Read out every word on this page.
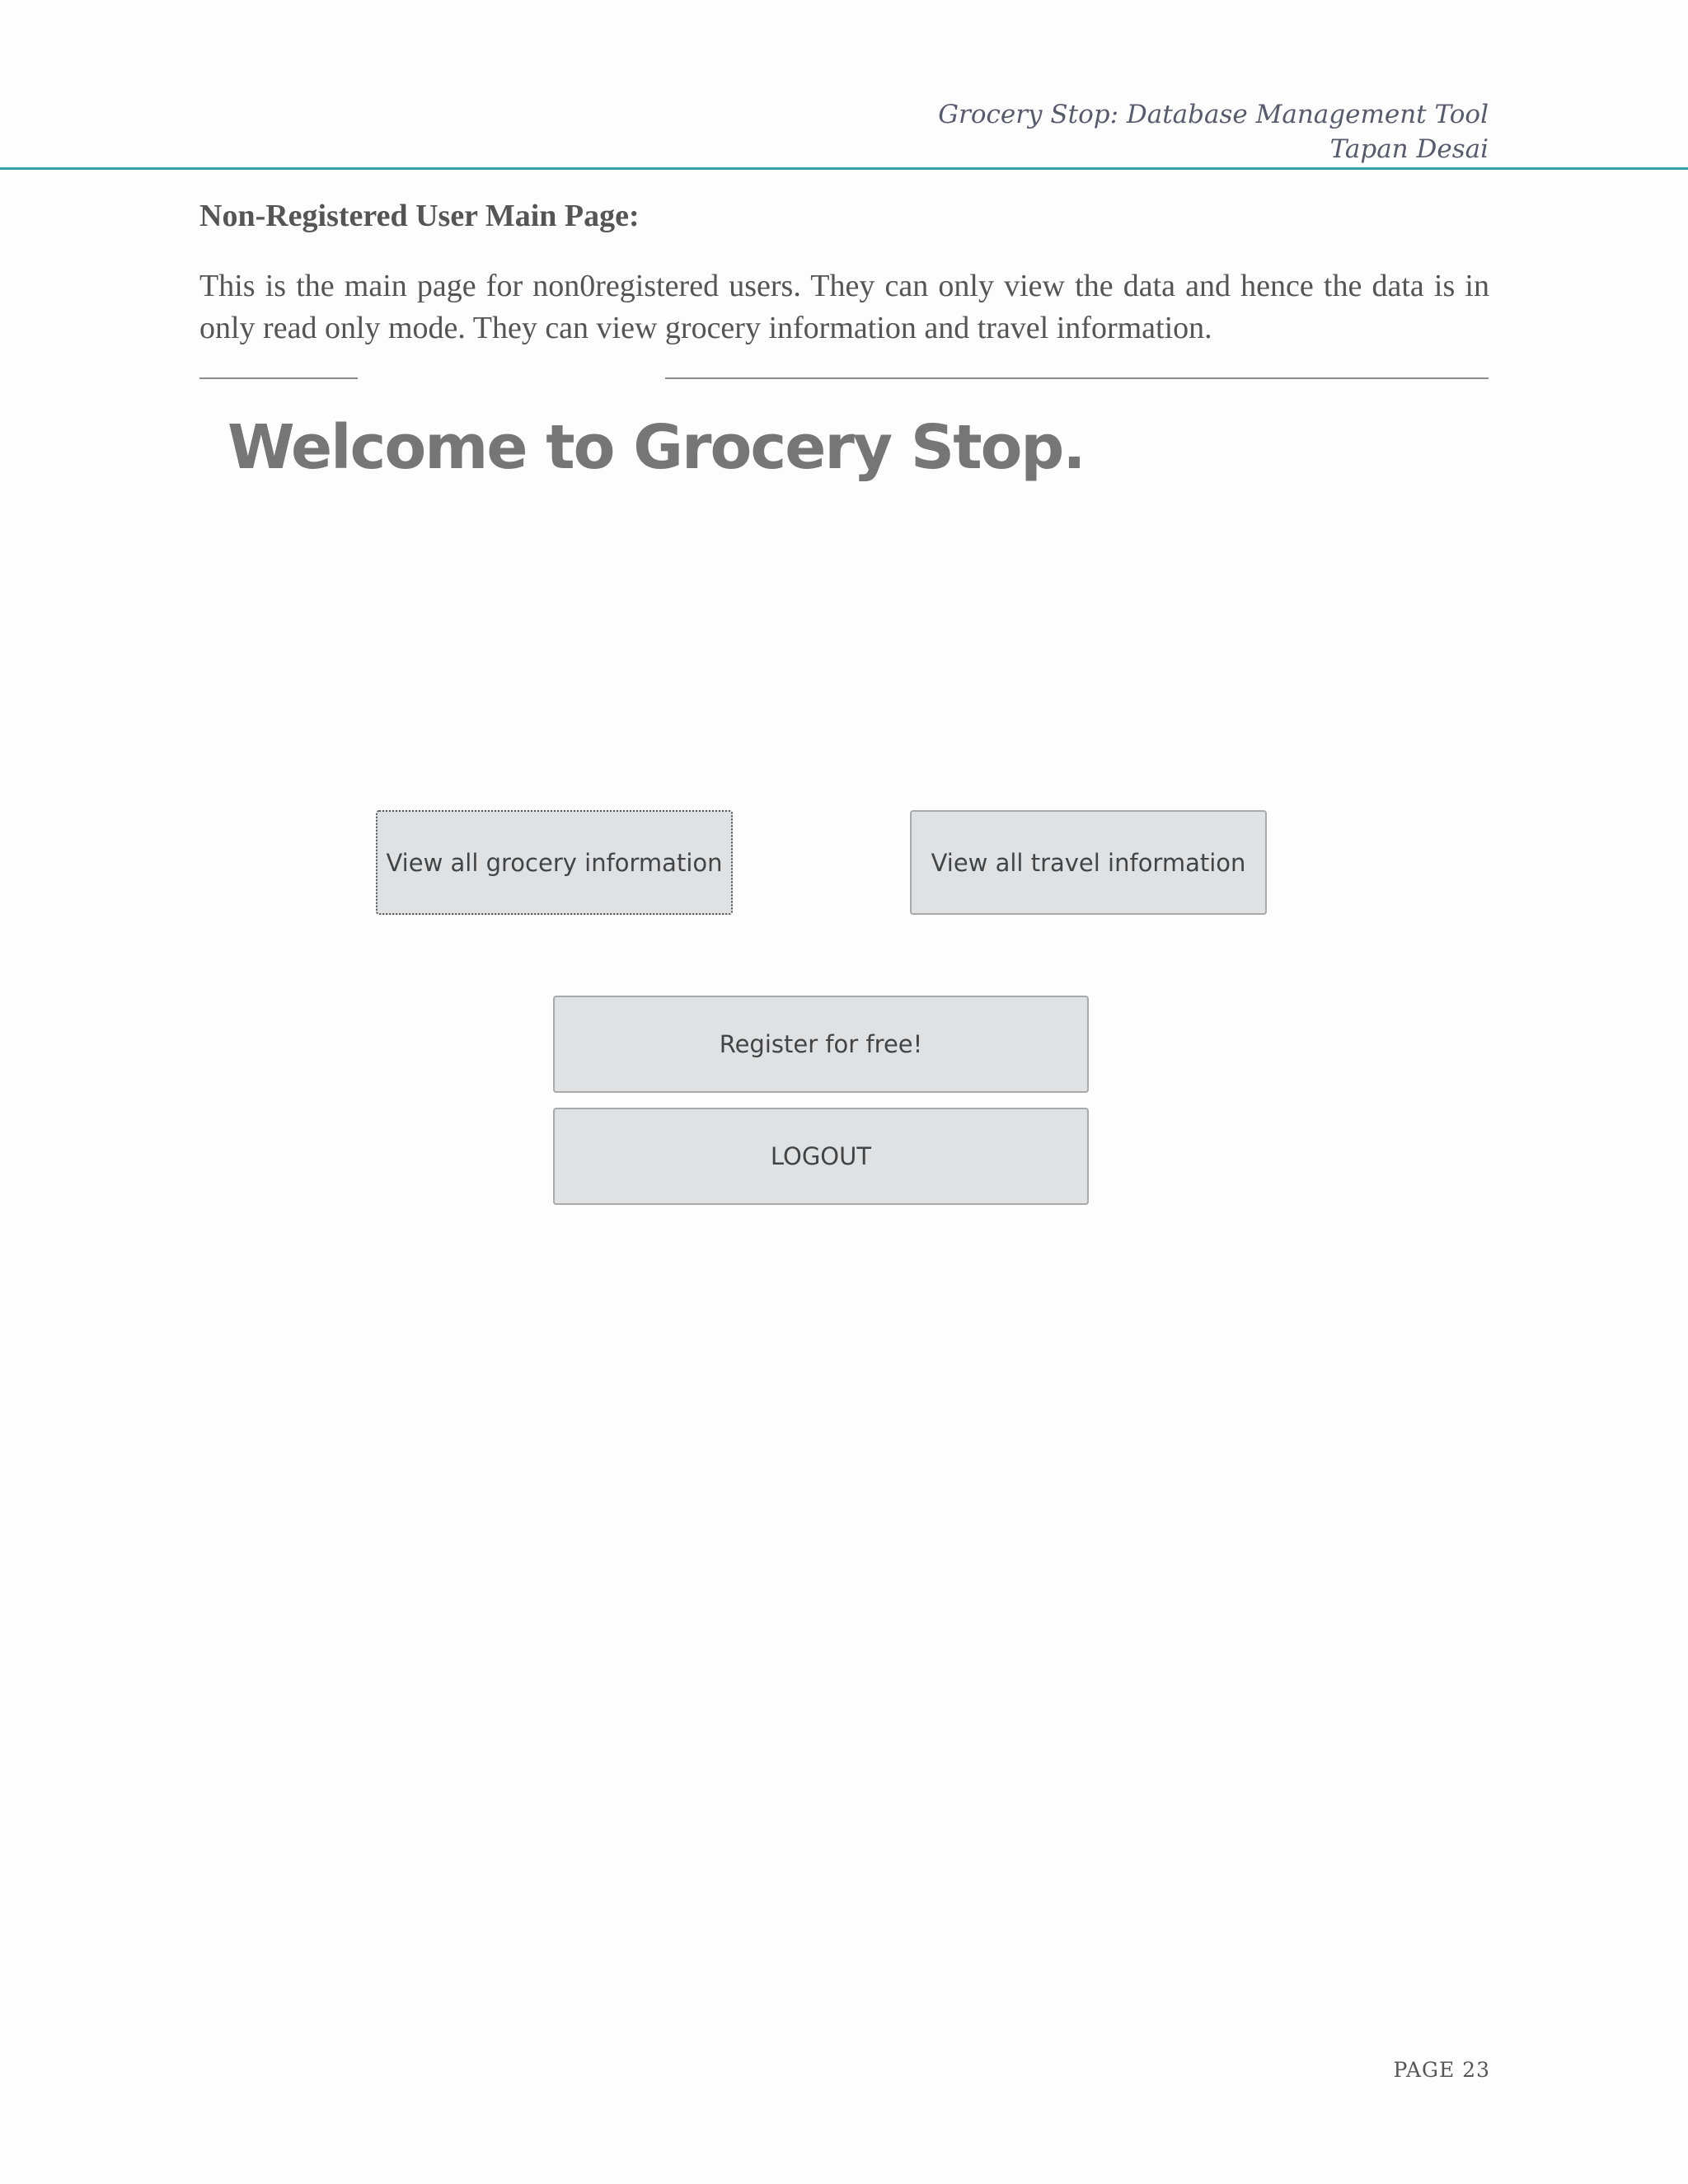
Grocery Stop: Database Management Tool
Tapan Desai
Non-Registered User Main Page:
This is the main page for non0registered users. They can only view the data and hence the data is in only read only mode. They can view grocery information and travel information.
Welcome to Grocery Stop.
View all grocery information	View all travel information
Register for free!
LOGOUT
PAGE 23
